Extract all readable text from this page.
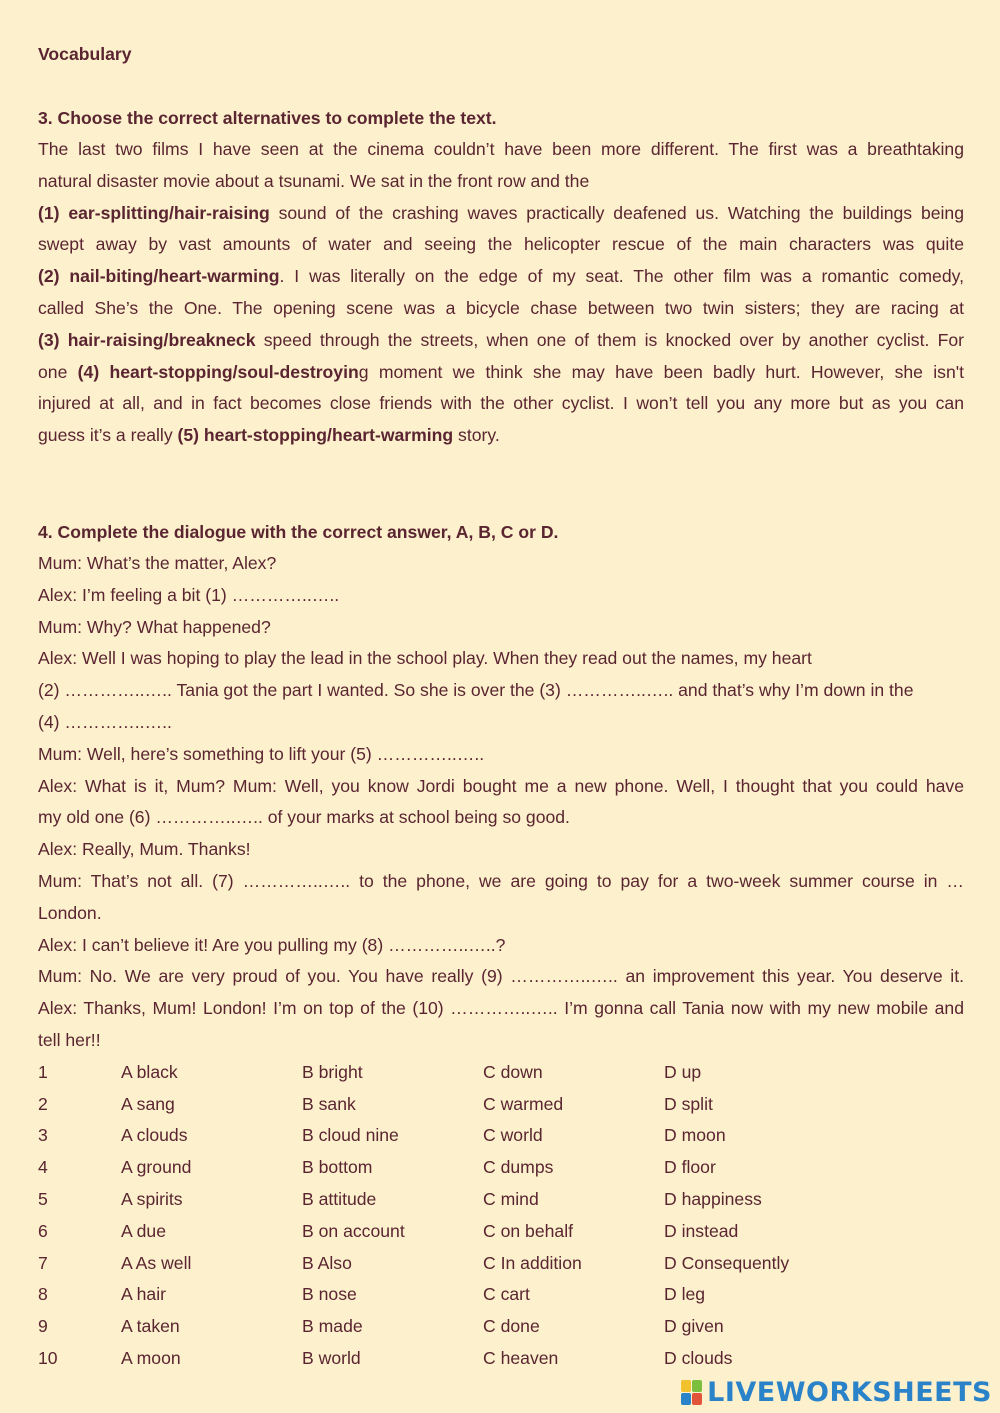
Vocabulary
3. Choose the correct alternatives to complete the text.
The last two films I have seen at the cinema couldn’t have been more different. The first was a breathtaking
natural disaster movie about a tsunami. We sat in the front row and the
(1) ear-splitting/hair-raising sound of the crashing waves practically deafened us. Watching the buildings being
swept away by vast amounts of water and seeing the helicopter rescue of the main characters was quite
(2) nail-biting/heart-warming. I was literally on the edge of my seat. The other film was a romantic comedy,
called She’s the One. The opening scene was a bicycle chase between two twin sisters; they are racing at
(3) hair-raising/breakneck speed through the streets, when one of them is knocked over by another cyclist. For
one (4) heart-stopping/soul-destroying moment we think she may have been badly hurt. However, she isn't
injured at all, and in fact becomes close friends with the other cyclist. I won’t tell you any more but as you can
guess it’s a really (5) heart-stopping/heart-warming story.
4. Complete the dialogue with the correct answer, A, B, C or D.
Mum: What’s the matter, Alex?
Alex: I’m feeling a bit (1) …………..…..
Mum: Why? What happened?
Alex: Well I was hoping to play the lead in the school play. When they read out the names, my heart
(2) …………..….. Tania got the part I wanted. So she is over the (3) …………..….. and that’s why I’m down in the
(4) …………..…..
Mum: Well, here’s something to lift your (5) …………..…..
Alex: What is it, Mum? Mum: Well, you know Jordi bought me a new phone. Well, I thought that you could have
my old one (6) …………..….. of your marks at school being so good.
Alex: Really, Mum. Thanks!
Mum: That’s not all. (7) …………..….. to the phone, we are going to pay for a two-week summer course in …
London.
Alex: I can’t believe it! Are you pulling my (8) …………..…..?
Mum: No. We are very proud of you. You have really (9) …………..….. an improvement this year. You deserve it.
Alex: Thanks, Mum! London! I’m on top of the (10) …………..….. I’m gonna call Tania now with my new mobile and
tell her!!
1	A black	B bright	C down	D up
2	A sang	B sank	C warmed	D split
3	A clouds	B cloud nine	C world	D moon
4	A ground	B bottom	C dumps	D floor
5	A spirits	B attitude	C mind	D happiness
6	A due	B on account	C on behalf	D instead
7	A As well	B Also	C In addition	D Consequently
8	A hair	B nose	C cart	D leg
9	A taken	B made	C done	D given
10	A moon	B world	C heaven	D clouds
LIVEWORKSHEETS
